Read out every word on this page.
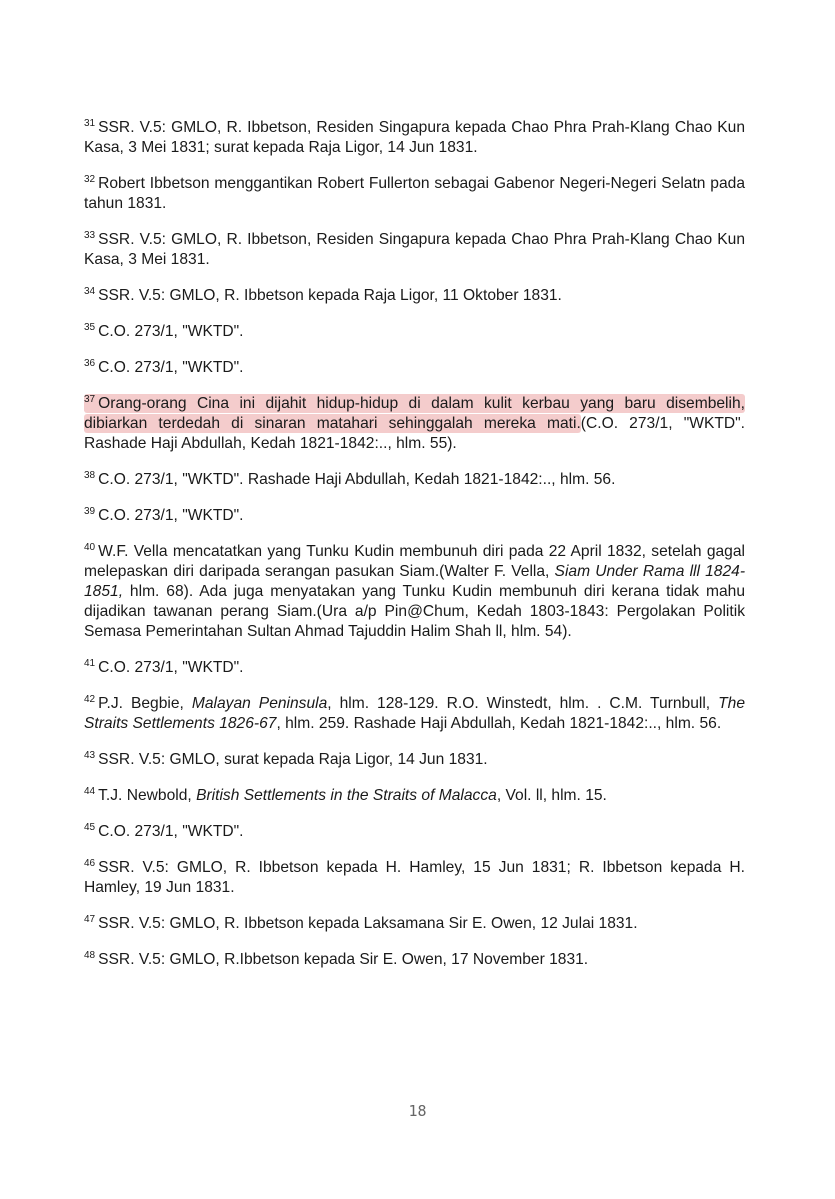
$^{31}$ SSR. V.5: GMLO, R. Ibbetson, Residen Singapura kepada Chao Phra Prah-Klang Chao Kun Kasa, 3 Mei 1831; surat kepada Raja Ligor, 14 Jun 1831.

$^{32}$ Robert Ibbetson menggantikan Robert Fullerton sebagai Gabenor Negeri-Negeri Selatn pada tahun 1831.

$^{33}$ SSR. V.5: GMLO, R. Ibbetson, Residen Singapura kepada Chao Phra Prah-Klang Chao Kun Kasa, 3 Mei 1831.

$^{34}$ SSR. V.5: GMLO, R. Ibbetson kepada Raja Ligor, 11 Oktober 1831.

$^{35}$ C.O. 273/1, "WKTD".

$^{36}$ C.O. 273/1, "WKTD".

$^{37}$ Orang-orang Cina ini dijahit hidup-hidup di dalam kulit kerbau yang baru disembelih, dibiarkan terdedah di sinaran matahari sehinggalah mereka mati.(C.O. 273/1, "WKTD". Rashade Haji Abdullah, Kedah 1821-1842:.., hlm. 55).

$^{38}$ C.O. 273/1, "WKTD". Rashade Haji Abdullah, Kedah 1821-1842:.., hlm. 56.

$^{39}$ C.O. 273/1, "WKTD".

$^{40}$ W.F. Vella mencatatkan yang Tunku Kudin membunuh diri pada 22 April 1832, setelah gagal melepaskan diri daripada serangan pasukan Siam.(Walter F. Vella, Siam Under Rama lll 1824-1851, hlm. 68). Ada juga menyatakan yang Tunku Kudin membunuh diri kerana tidak mahu dijadikan tawanan perang Siam.(Ura a/p Pin@Chum, Kedah 1803-1843: Pergolakan Politik Semasa Pemerintahan Sultan Ahmad Tajuddin Halim Shah ll, hlm. 54).

$^{41}$ C.O. 273/1, "WKTD".

$^{42}$ P.J. Begbie, Malayan Peninsula, hlm. 128-129. R.O. Winstedt, hlm. . C.M. Turnbull, The Straits Settlements 1826-67, hlm. 259. Rashade Haji Abdullah, Kedah 1821-1842:.., hlm. 56.

$^{43}$ SSR. V.5: GMLO, surat kepada Raja Ligor, 14 Jun 1831.

$^{44}$ T.J. Newbold, British Settlements in the Straits of Malacca, Vol. ll, hlm. 15.

$^{45}$ C.O. 273/1, "WKTD".

$^{46}$ SSR. V.5: GMLO, R. Ibbetson kepada H. Hamley, 15 Jun 1831; R. Ibbetson kepada H. Hamley, 19 Jun 1831.

$^{47}$ SSR. V.5: GMLO, R. Ibbetson kepada Laksamana Sir E. Owen, 12 Julai 1831.

$^{48}$ SSR. V.5: GMLO, R.Ibbetson kepada Sir E. Owen, 17 November 1831.

18
